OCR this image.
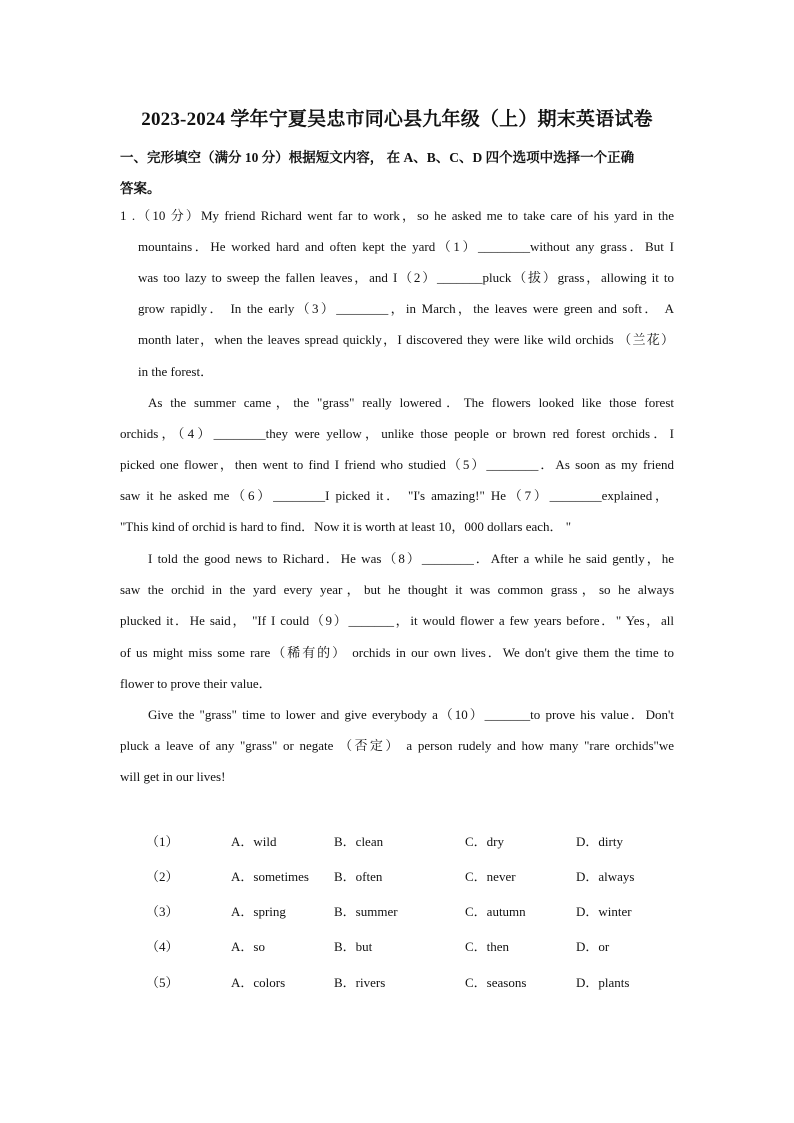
2023-2024 学年宁夏吴忠市同心县九年级（上）期末英语试卷
一、完形填空（满分 10 分）根据短文内容， 在 A、B、C、D 四个选项中选择一个正确
答案。
1 .（10 分）My friend Richard went far to work，so he asked me to take care of his yard in the
mountains．He worked hard and often kept the yard（1）________without any grass．But I
was too lazy to sweep the fallen leaves，and I（2）_______pluck（拔）grass，allowing it to
grow rapidly． In the early（3）________，in March，the leaves were green and soft． A
month later，when the leaves spread quickly，I discovered they were like wild orchids （兰花）
in the forest．
As the summer came，the "grass" really lowered．The flowers looked like those forest
orchids，（4）________they were yellow，unlike those people or brown red forest orchids．I
picked one flower，then went to find I friend who studied（5）________．As soon as my friend
saw it he asked me（6）________I picked it． "I's amazing!" He（7）________explained，
"This kind of orchid is hard to find．Now it is worth at least 10，000 dollars each． "
I told the good news to Richard．He was（8）________．After a while he said gently，he
saw the orchid in the yard every year，but he thought it was common grass，so he always
plucked it．He said， "If I could（9）_______，it would flower a few years before．" Yes，all
of us might miss some rare（稀有的） orchids in our own lives．We don't give them the time to
flower to prove their value．
Give the "grass" time to lower and give everybody a（10）_______to prove his value．Don't
pluck a leave of any "grass" or negate （否定） a person rudely and how many "rare orchids"we
will get in our lives!
（1）	A．wild	B．clean	C．dry	D．dirty
（2）	A．sometimes B．often	C．never	D．always
（3）	A．spring	B．summer	C．autumn	D．winter
（4）	A．so	B．but	C．then	D．or
（5）	A．colors	B．rivers	C．seasons	D．plants
